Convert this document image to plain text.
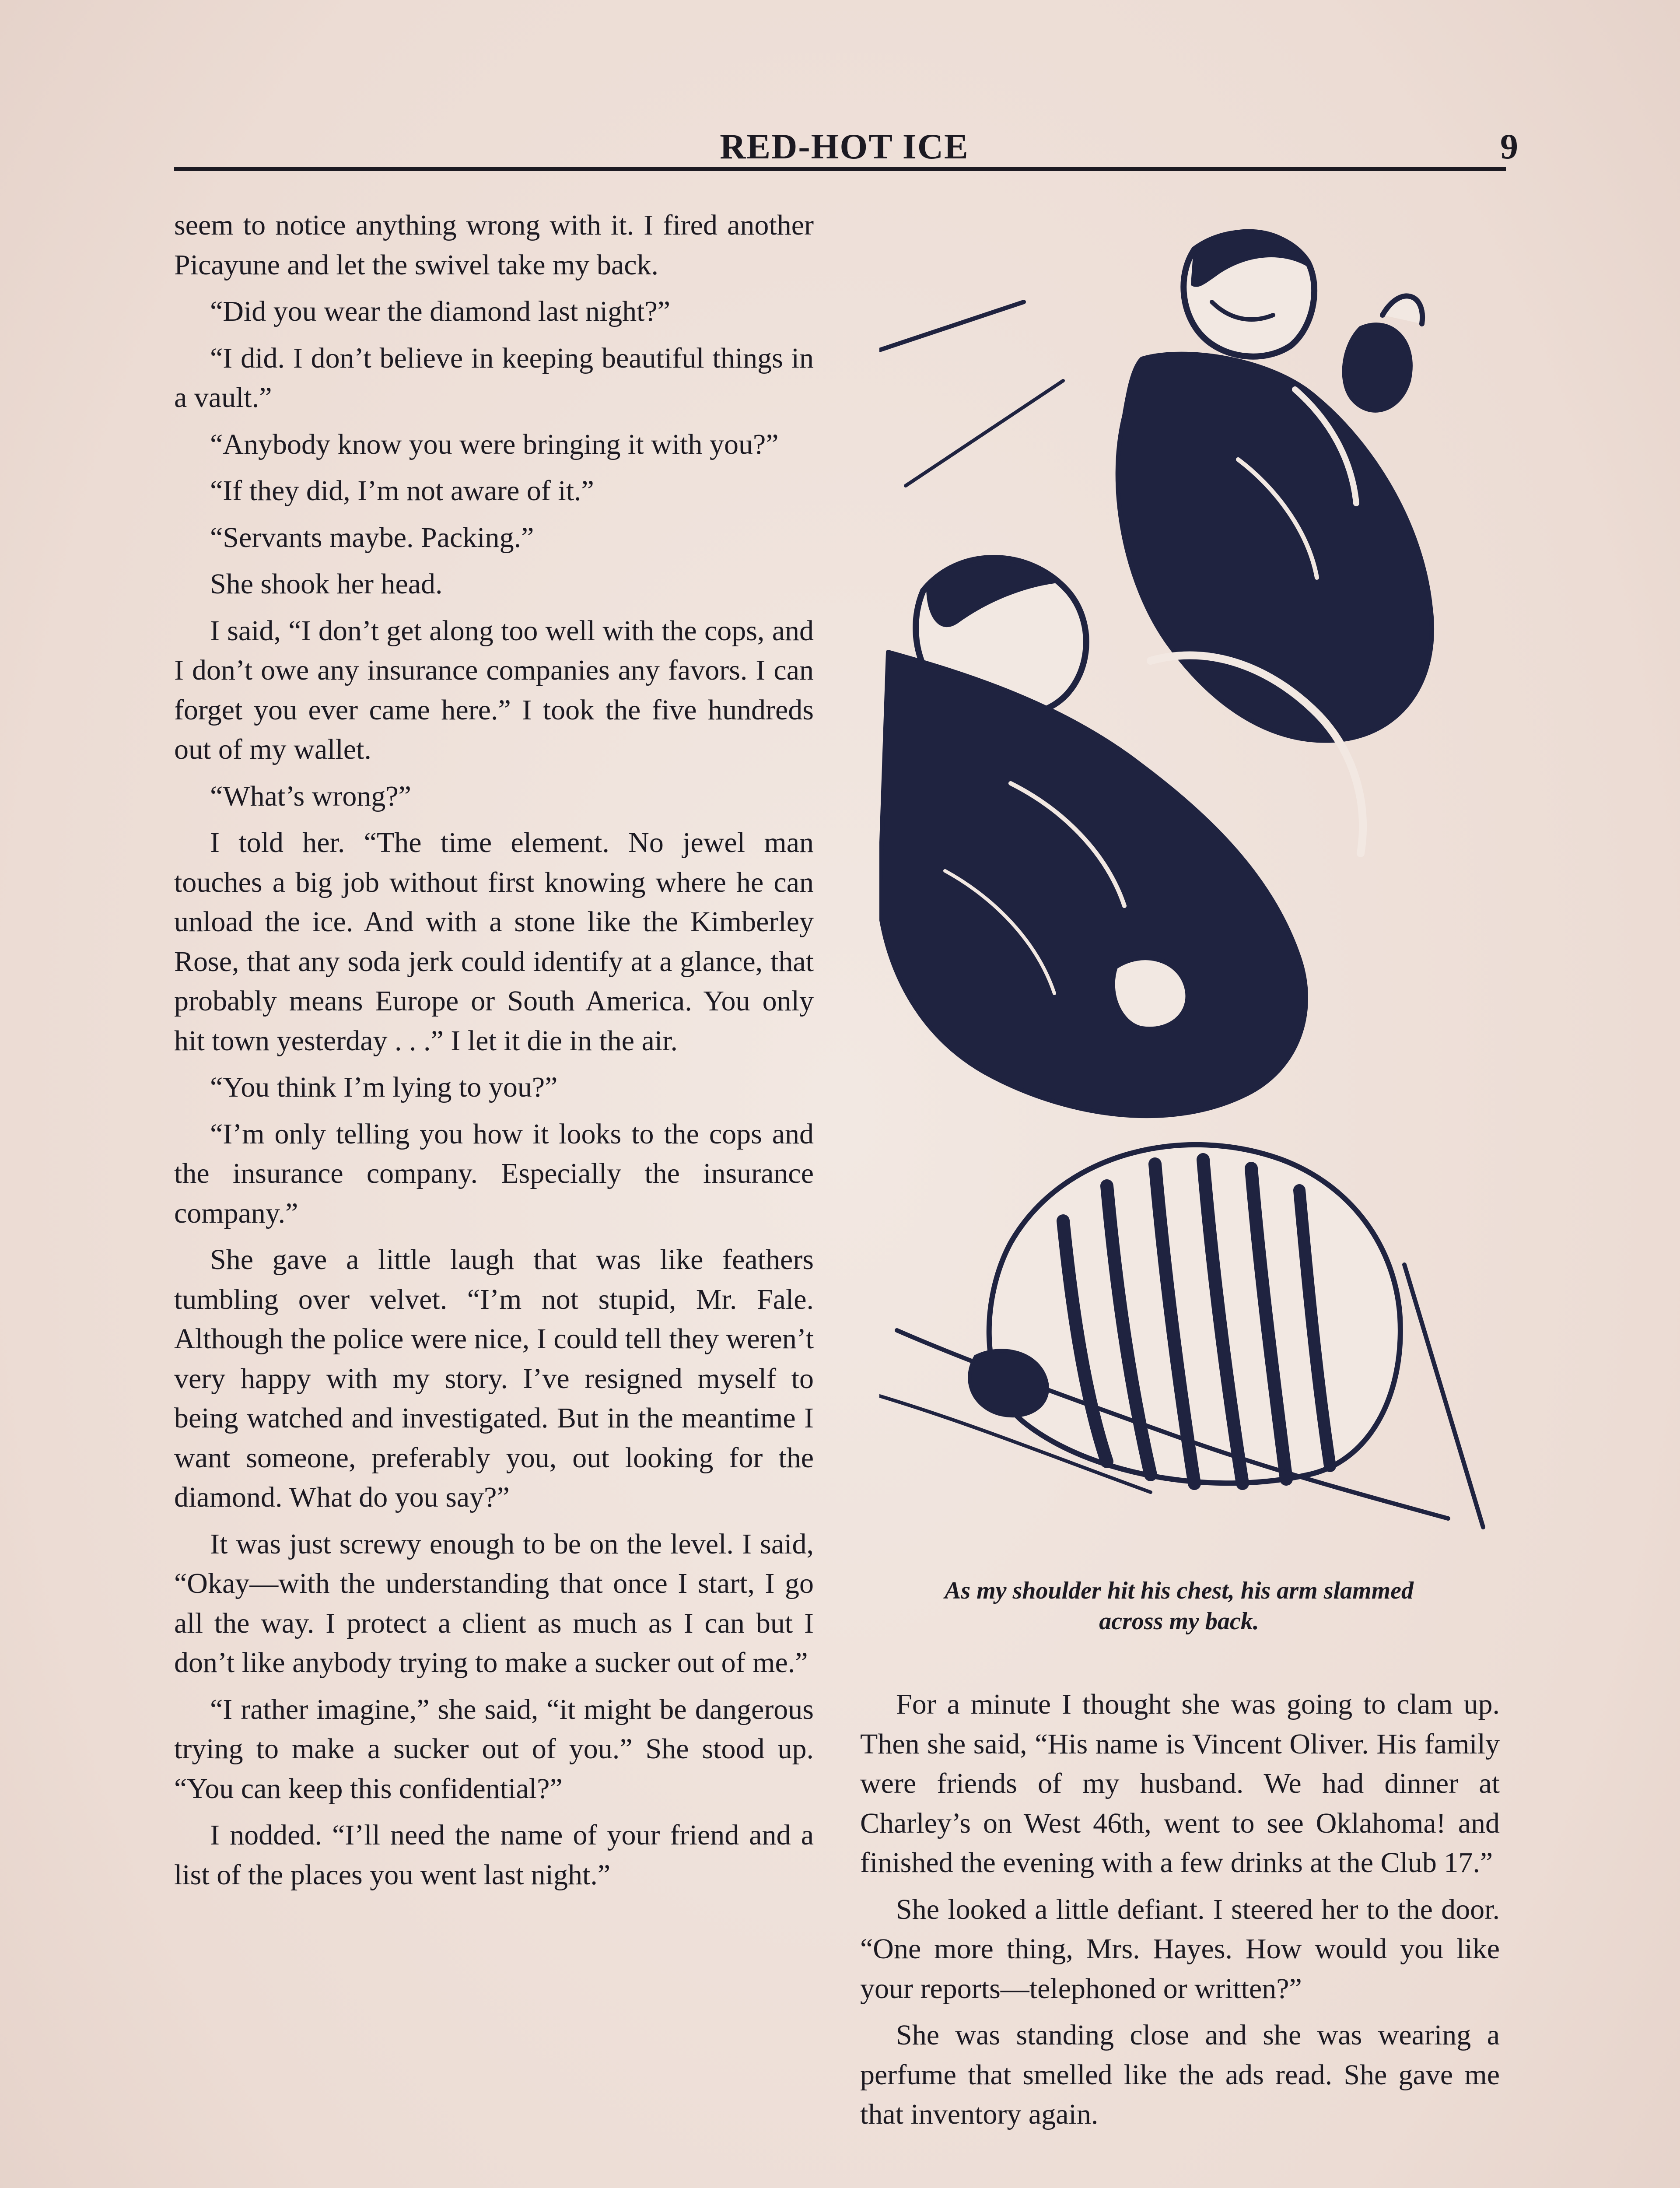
RED-HOT ICE	9

seem to notice anything wrong with it. I fired another Picayune and let the swivel take my back.

“Did you wear the diamond last night?”

“I did. I don’t believe in keeping beautiful things in a vault.”

“Anybody know you were bringing it with you?”

“If they did, I’m not aware of it.”

“Servants maybe. Packing.”

She shook her head.

I said, “I don’t get along too well with the cops, and I don’t owe any insurance companies any favors. I can forget you ever came here.” I took the five hundreds out of my wallet.

“What’s wrong?”

I told her. “The time element. No jewel man touches a big job without first knowing where he can unload the ice. And with a stone like the Kimberley Rose, that any soda jerk could identify at a glance, that probably means Europe or South America. You only hit town yesterday . . .” I let it die in the air.

“You think I’m lying to you?”

“I’m only telling you how it looks to the cops and the insurance company. Especially the insurance company.”

She gave a little laugh that was like feathers tumbling over velvet. “I’m not stupid, Mr. Fale. Although the police were nice, I could tell they weren’t very happy with my story. I’ve resigned myself to being watched and investigated. But in the meantime I want someone, preferably you, out looking for the diamond. What do you say?”

It was just screwy enough to be on the level. I said, “Okay—with the understanding that once I start, I go all the way. I protect a client as much as I can but I don’t like anybody trying to make a sucker out of me.”

“I rather imagine,” she said, “it might be dangerous trying to make a sucker out of you.” She stood up. “You can keep this confidential?”

I nodded. “I’ll need the name of your friend and a list of the places you went last night.”

As my shoulder hit his chest, his arm slammed across my back.

For a minute I thought she was going to clam up. Then she said, “His name is Vincent Oliver. His family were friends of my husband. We had dinner at Charley’s on West 46th, went to see Oklahoma! and finished the evening with a few drinks at the Club 17.”

She looked a little defiant. I steered her to the door. “One more thing, Mrs. Hayes. How would you like your reports—telephoned or written?”

She was standing close and she was wearing a perfume that smelled like the ads read. She gave me that inventory again.
